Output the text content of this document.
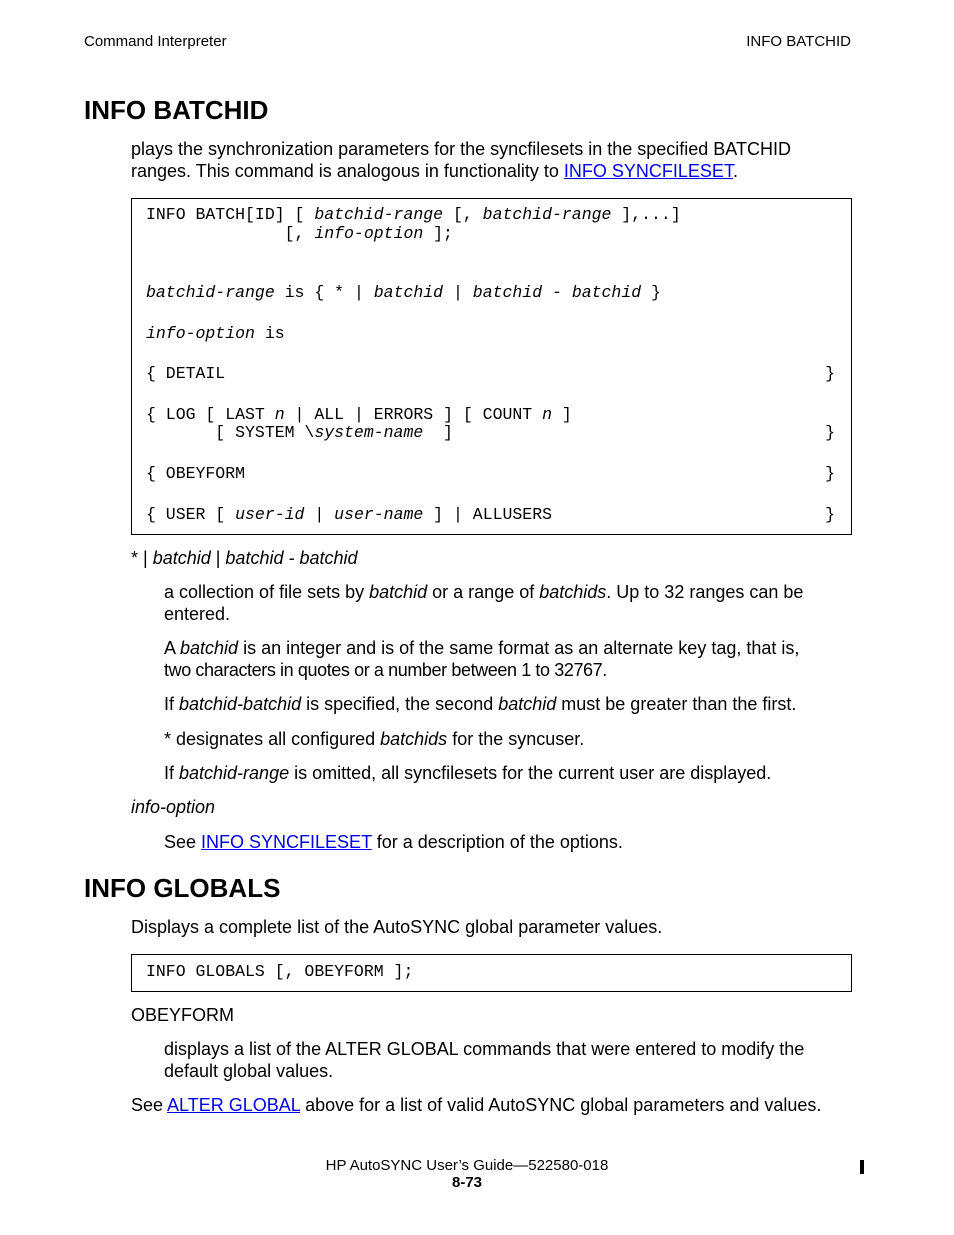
Command Interpreter	INFO BATCHID
INFO BATCHID
plays the synchronization parameters for the syncfilesets in the specified BATCHID
ranges. This command is analogous in functionality to INFO SYNCFILESET.
INFO BATCH[ID] [ batchid-range [, batchid-range ],...]
[, info-option ];
batchid-range is { * | batchid | batchid - batchid }
info-option is
{ DETAIL	}
{ LOG [ LAST n | ALL | ERRORS ] [ COUNT n ]
[ SYSTEM \system-name  ]	}
{ OBEYFORM	}
{ USER [ user-id | user-name ] | ALLUSERS	}
* | batchid | batchid - batchid
a collection of file sets by batchid or a range of batchids. Up to 32 ranges can be
entered.
A batchid is an integer and is of the same format as an alternate key tag, that is,
two characters in quotes or a number between 1 to 32767.
If batchid-batchid is specified, the second batchid must be greater than the first.
* designates all configured batchids for the syncuser.
If batchid-range is omitted, all syncfilesets for the current user are displayed.
info-option
See INFO SYNCFILESET for a description of the options.
INFO GLOBALS
Displays a complete list of the AutoSYNC global parameter values.
INFO GLOBALS [, OBEYFORM ];
OBEYFORM
displays a list of the ALTER GLOBAL commands that were entered to modify the
default global values.
See ALTER GLOBAL above for a list of valid AutoSYNC global parameters and values.
HP AutoSYNC User’s Guide—522580-018
8-73
